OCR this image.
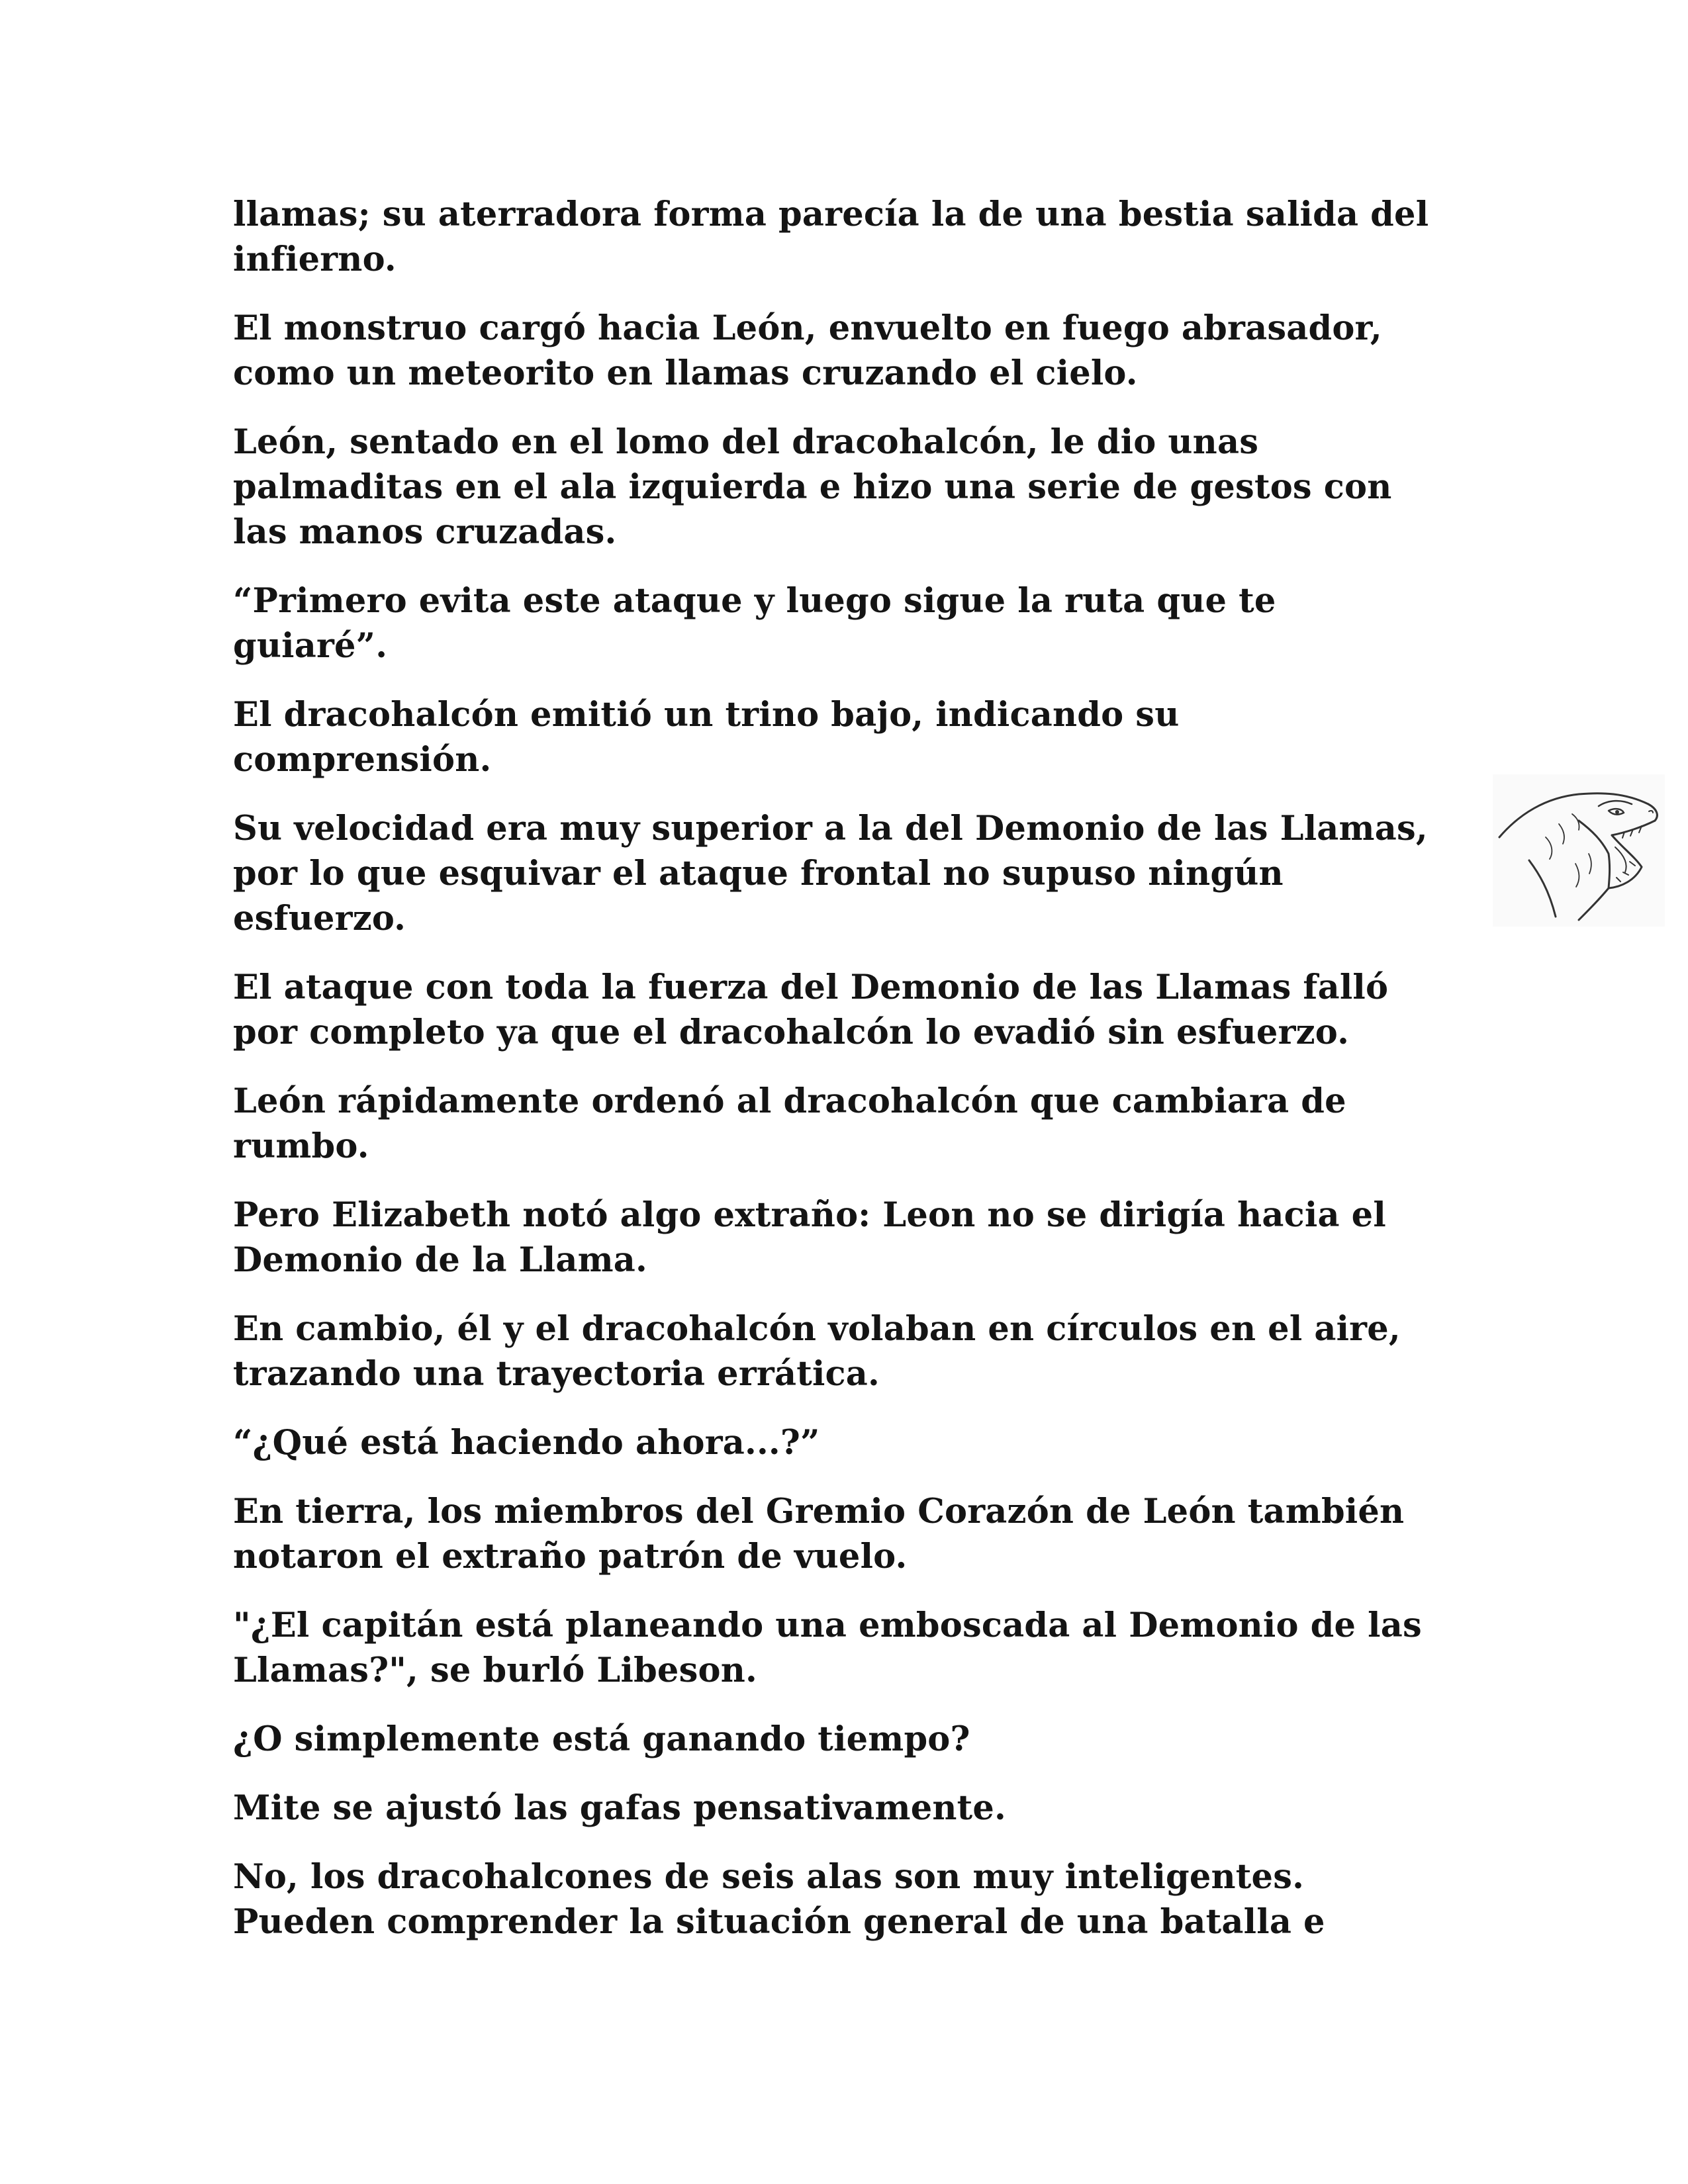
llamas; su aterradora forma parecía la de una bestia salida del
infierno.

El monstruo cargó hacia León, envuelto en fuego abrasador,
como un meteorito en llamas cruzando el cielo.

León, sentado en el lomo del dracohalcón, le dio unas
palmaditas en el ala izquierda e hizo una serie de gestos con
las manos cruzadas.

“Primero evita este ataque y luego sigue la ruta que te
guiaré”.

El dracohalcón emitió un trino bajo, indicando su
comprensión.

Su velocidad era muy superior a la del Demonio de las Llamas,
por lo que esquivar el ataque frontal no supuso ningún
esfuerzo.

El ataque con toda la fuerza del Demonio de las Llamas falló
por completo ya que el dracohalcón lo evadió sin esfuerzo.

León rápidamente ordenó al dracohalcón que cambiara de
rumbo.

Pero Elizabeth notó algo extraño: Leon no se dirigía hacia el
Demonio de la Llama.

En cambio, él y el dracohalcón volaban en círculos en el aire,
trazando una trayectoria errática.

“¿Qué está haciendo ahora...?”

En tierra, los miembros del Gremio Corazón de León también
notaron el extraño patrón de vuelo.

"¿El capitán está planeando una emboscada al Demonio de las
Llamas?", se burló Libeson.

¿O simplemente está ganando tiempo?

Mite se ajustó las gafas pensativamente.

No, los dracohalcones de seis alas son muy inteligentes.
Pueden comprender la situación general de una batalla e
